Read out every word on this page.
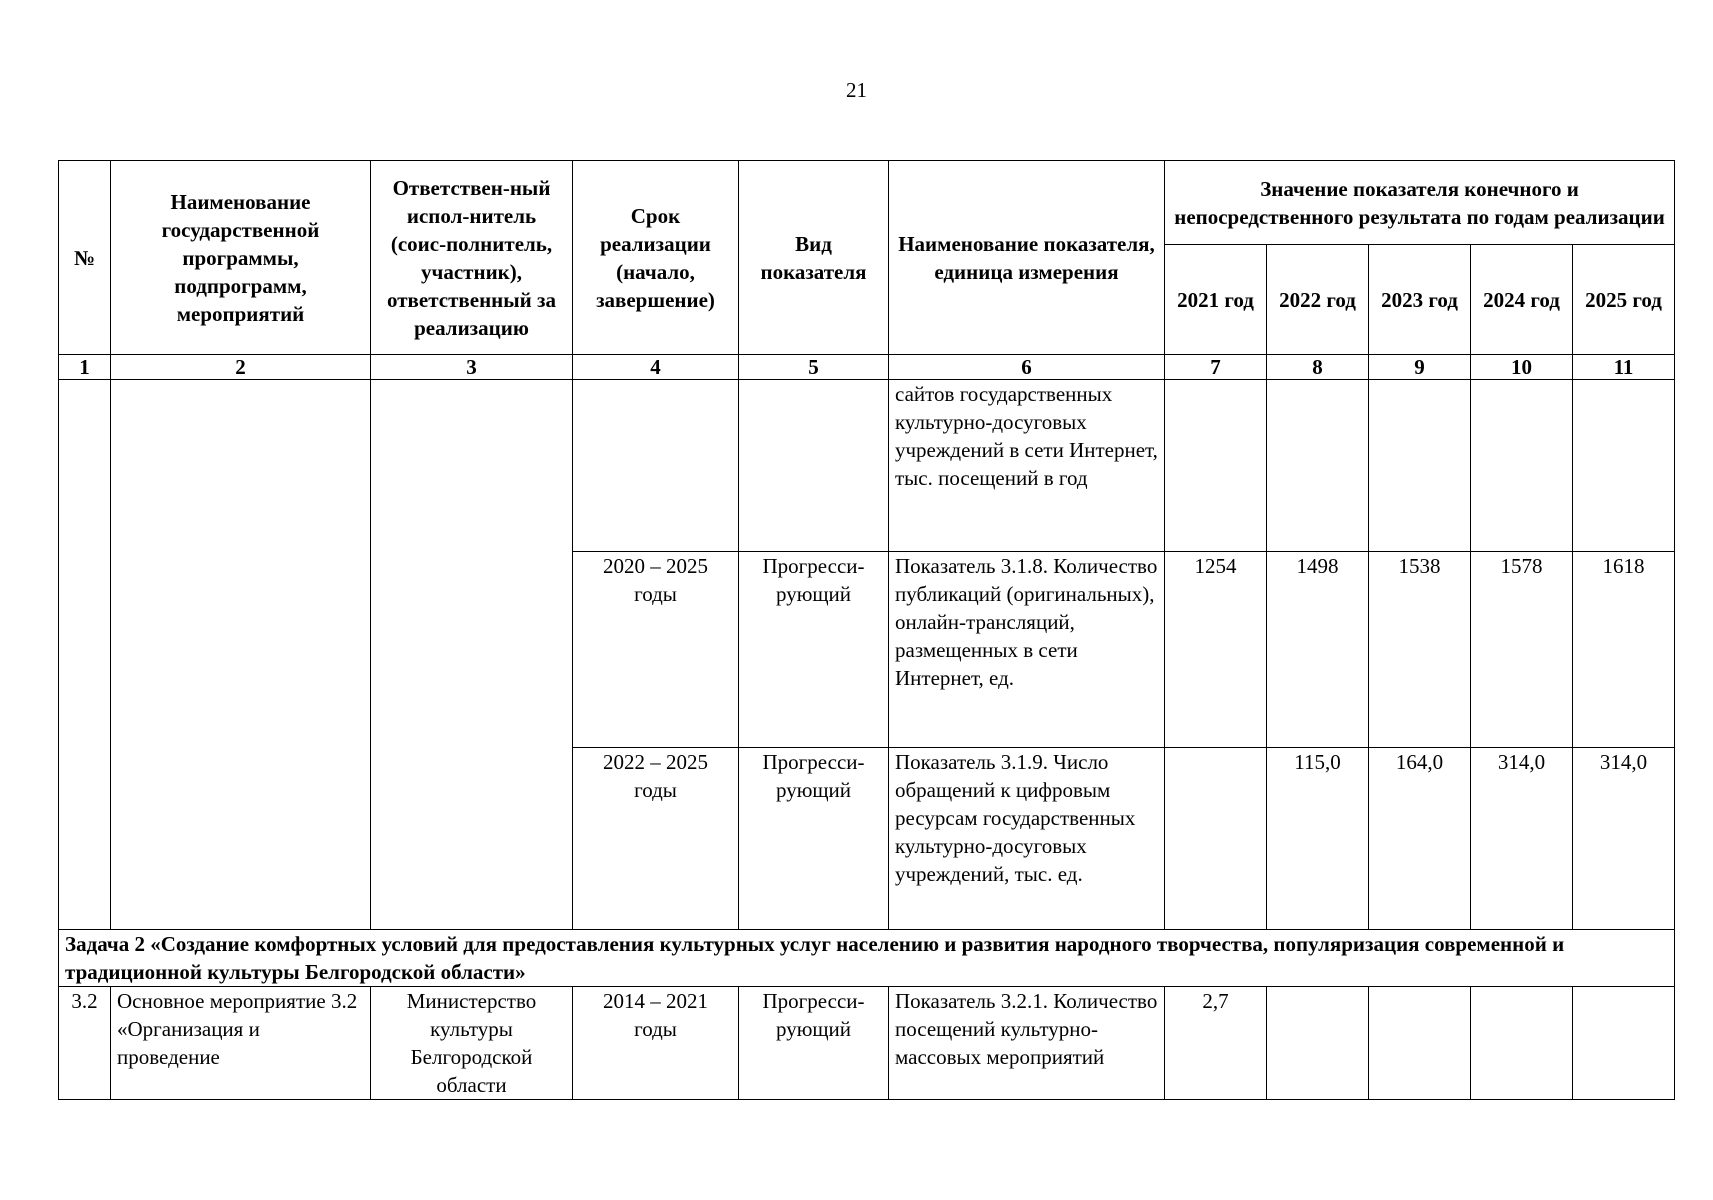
21
№	Наименование государственной программы, подпрограмм, мероприятий	Ответствен-ный испол-нитель (соис-полнитель, участник), ответственный за реализацию	Срок реализации (начало, завершение)	Вид показателя	Наименование показателя, единица измерения	Значение показателя конечного и непосредственного результата по годам реализации				
						2021 год	2022 год	2023 год	2024 год	2025 год
1	2	3	4	5	6	7	8	9	10	11
					сайтов государственных культурно-досуговых учреждений в сети Интернет, тыс. посещений в год					
			2020 – 2025 годы	Прогресси-рующий	Показатель 3.1.8. Количество публикаций (оригинальных), онлайн-трансляций, размещенных в сети Интернет, ед.	1254	1498	1538	1578	1618
			2022 – 2025 годы	Прогресси-рующий	Показатель 3.1.9. Число обращений к цифровым ресурсам государственных культурно-досуговых учреждений, тыс. ед.		115,0	164,0	314,0	314,0
Задача 2 «Создание комфортных условий для предоставления культурных услуг населению и развития народного творчества, популяризация современной и традиционной культуры Белгородской области»										
3.2	Основное мероприятие 3.2 «Организация и проведение	Министерство культуры Белгородской области	2014 – 2021 годы	Прогресси-рующий	Показатель 3.2.1. Количество посещений культурно-массовых мероприятий	2,7				
